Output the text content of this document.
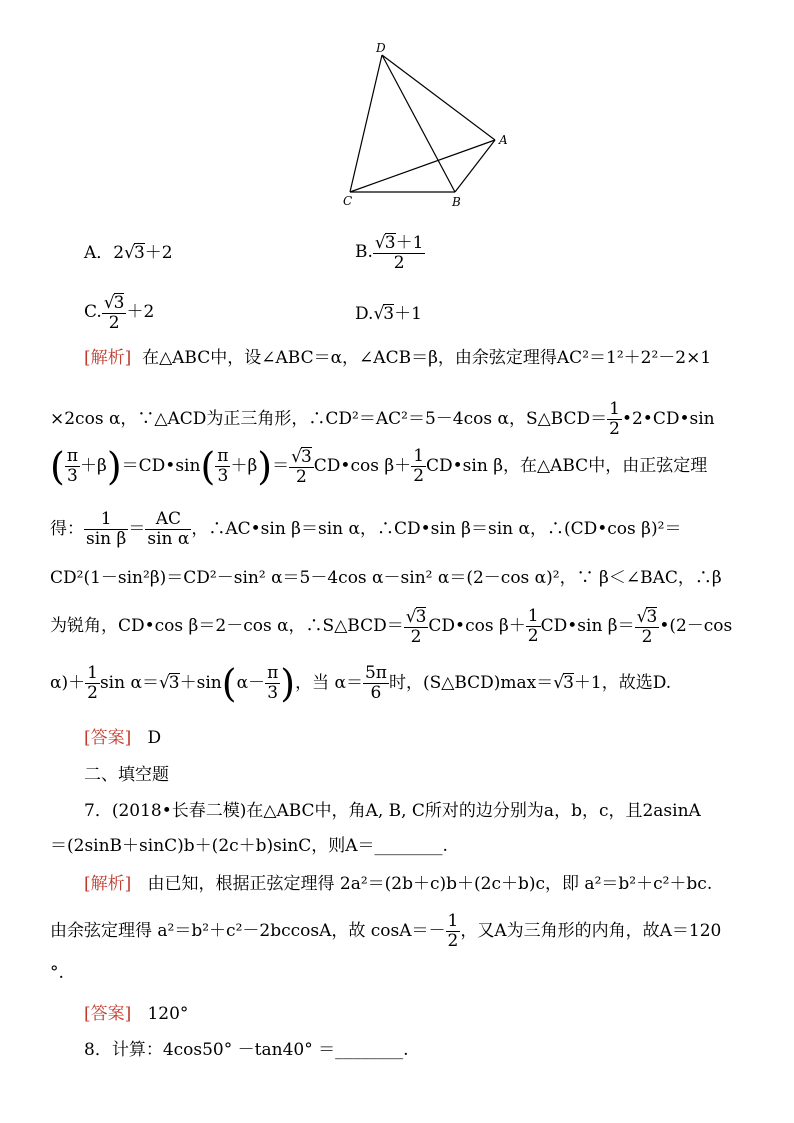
D
A
C	B
A．2√3＋2	B. $\frac{√3+1}{2}$
C. $\frac{√3}{2} +2$	D.√3＋1
[解析] 在△ABC中，设∠ABC＝α，∠ACB＝β，由余弦定理得AC²＝1²＋2²－2×1
×2cos α，∵△ACD为正三角形，∴CD²＝AC²＝5－4cos α，S△BCD＝ $\frac{1}{2}$ •2•CD•sin
( $\frac{\pi}{3}$ ＋β)＝CD•sin( $\frac{\pi}{3} +\beta)= \frac{√3}{2}$ CD•cos $\beta+ \frac{1}{2}$ CD•sin β，在△ABC中，由正弦定理
得： $\frac{1}{\text{sin β}} = \frac{AC}{\text{sin α}}$ ，∴AC•sin β＝sin α，∴CD•sin β＝sin α，∴(CD•cos β)²＝
CD²(1－sin²β)＝CD²－sin² α＝5－4cos α－sin² α＝(2－cos α)²，∵ β＜∠BAC，∴β
为锐角，CD•cos β＝2－cos α，∴S△BCD＝ $\frac{√3}{2}$ CD•cos $\beta+ \frac{1}{2}$ CD•sin $\beta= \frac{√3}{2}$ •(2－cos
$\alpha)+ \frac{1}{2}$ $\sin \alpha=√3+\sin(\alpha- \frac{\pi}{3}$ )，当 $\alpha= \frac{5\pi}{6}$ 时，(S△BCD)max＝√3＋1，故选D.
[答案] D
二、填空题
7．(2018•长春二模)在△ABC中，角A, B, C所对的边分别为a，b，c，且2asinA
＝(2sinB＋sinC)b＋(2c＋b)sinC，则A＝________.
[解析] 由已知，根据正弦定理得 2a²＝(2b＋c)b＋(2c＋b)c，即 a²＝b²＋c²＋bc.
由余弦定理得 a²＝b²＋c²－2bccosA，故 $\cos A=- \frac{1}{2}$ ，又A为三角形的内角，故A＝120
°.
[答案] 120°
8．计算：4cos50° －tan40° ＝________.
